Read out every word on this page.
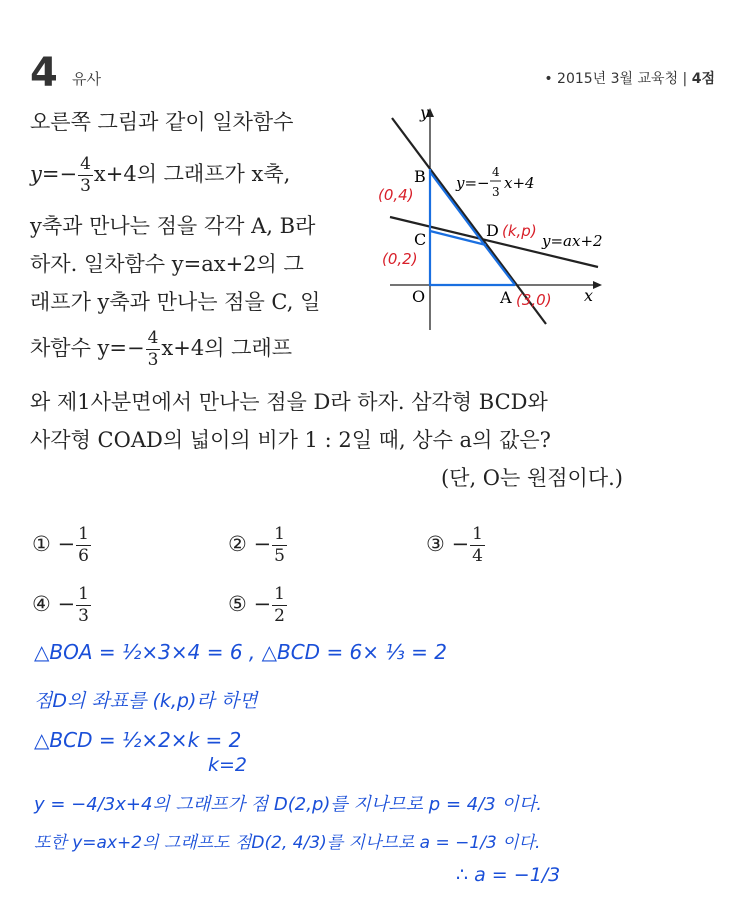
4 유사	• 2015년 3월 교육청 | 4점
오른쪽 그림과 같이 일차함수
$y=- \frac{4}{3} x+4$의 그래프가 x축,
y축과 만나는 점을 각각 A, B라
하자. 일차함수 y=ax+2의 그
래프가 y축과 만나는 점을 C, 일
차함수 $y=- \frac{4}{3} x+4$의 그래프
와 제1사분면에서 만나는 점을 D라 하자. 삼각형 BCD와
사각형 COAD의 넓이의 비가 1 : 2일 때, 상수 a의 값은?
(단, O는 원점이다.)
y
x
O	A
B
C	D
y=−
4
3 x+4
y=ax+2
(0,4)
(0,2)
(3,0)
(k,p)
① − $\frac{1}{6}$	② − $\frac{1}{5}$	③ − $\frac{1}{4}$
④ − $\frac{1}{3}$	⑤ − $\frac{1}{2}$
△BOA = ½×3×4 = 6 , △BCD = 6× ⅓ = 2
점D의 좌표를 (k,p)라 하면
△BCD = ½×2×k = 2
k=2
y = −4/3x+4의 그래프가 점 D(2,p)를 지나므로 p = 4/3 이다.
또한 y=ax+2의 그래프도 점D(2, 4/3)를 지나므로 a = −1/3 이다.
∴ a = −1/3
